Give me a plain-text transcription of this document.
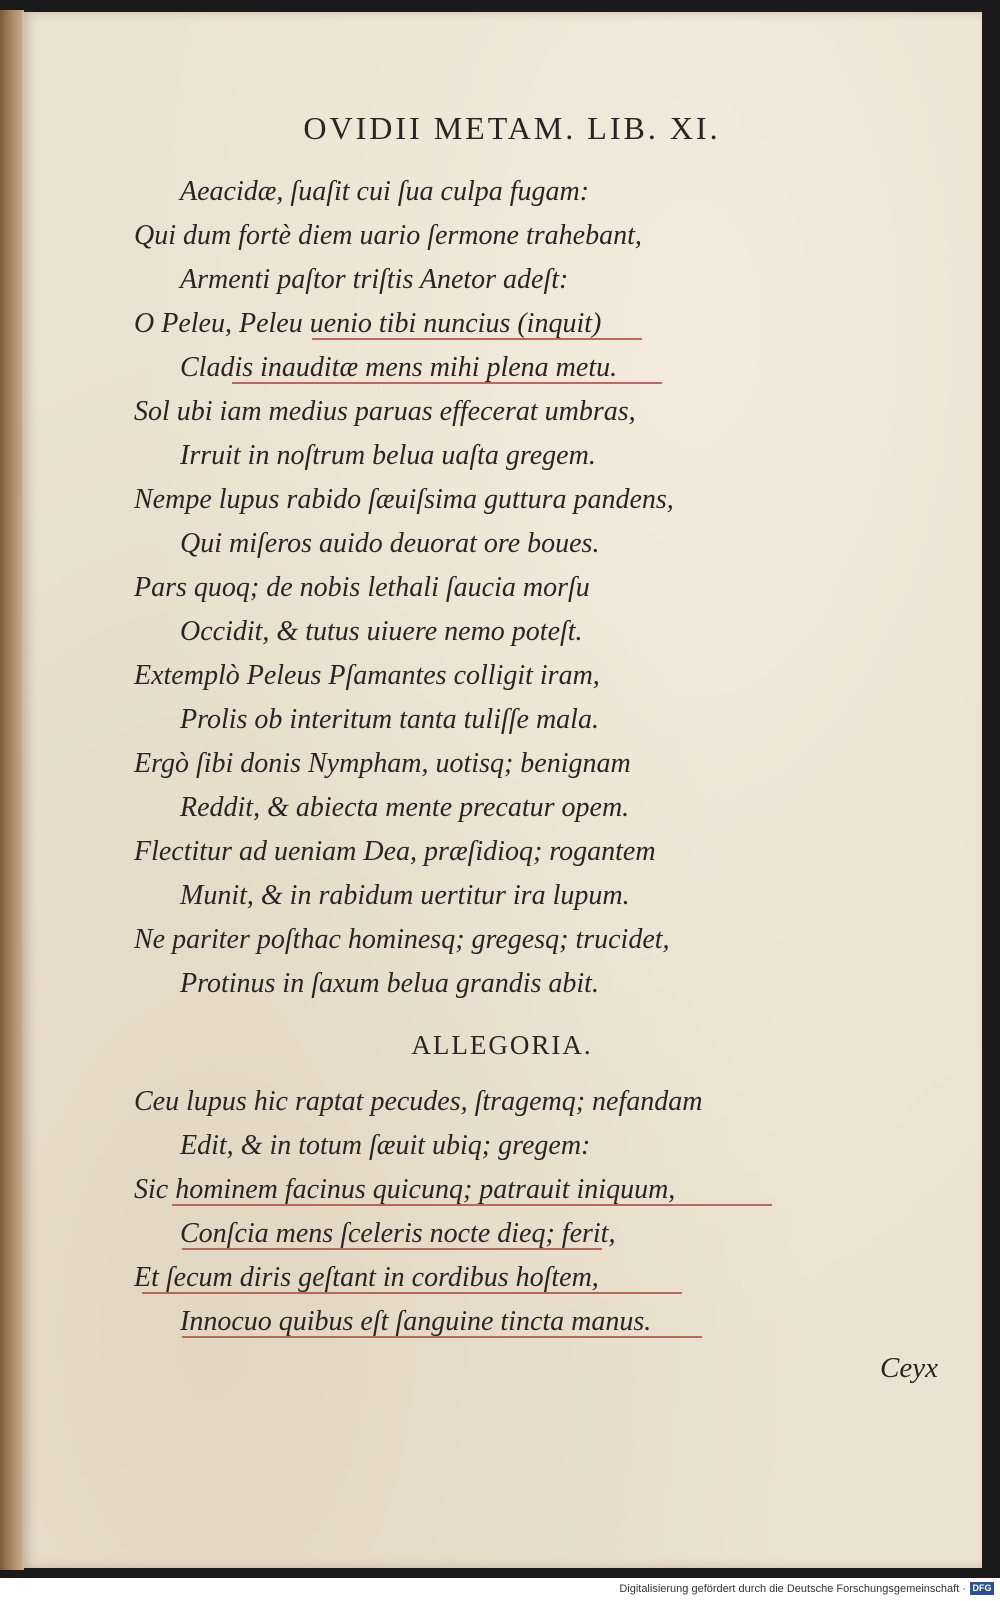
OVIDII METAM. LIB. XI.
Aeacidæ, ſuaſit cui ſua culpa fugam:
Qui dum fortè diem uario ſermone trahebant,
Armenti paſtor triſtis Anetor adeſt:
O Peleu, Peleu uenio tibi nuncius (inquit)
Cladis inauditæ mens mihi plena metu.
Sol ubi iam medius paruas effecerat umbras,
Irruit in noſtrum belua uaſta gregem.
Nempe lupus rabido ſæuiſsima guttura pandens,
Qui miſeros auido deuorat ore boues.
Pars quoq; de nobis lethali ſaucia morſu
Occidit, & tutus uiuere nemo poteſt.
Extemplò Peleus Pſamantes colligit iram,
Prolis ob interitum tanta tuliſſe mala.
Ergò ſibi donis Nympham, uotisq; benignam
Reddit, & abiecta mente precatur opem.
Flectitur ad ueniam Dea, præſidioq; rogantem
Munit, & in rabidum uertitur ira lupum.
Ne pariter poſthac hominesq; gregesq; trucidet,
Protinus in ſaxum belua grandis abit.
ALLEGORIA.
Ceu lupus hic raptat pecudes, ſtragemq; nefandam
Edit, & in totum ſæuit ubiq; gregem:
Sic hominem facinus quicunq; patrauit iniquum,
Conſcia mens ſceleris nocte dieq; ferit,
Et ſecum diris geſtant in cordibus hoſtem,
Innocuo quibus eſt ſanguine tincta manus.
Ceyx
Digitalisierung gefördert durch die Deutsche Forschungsgemeinschaft · DFG
